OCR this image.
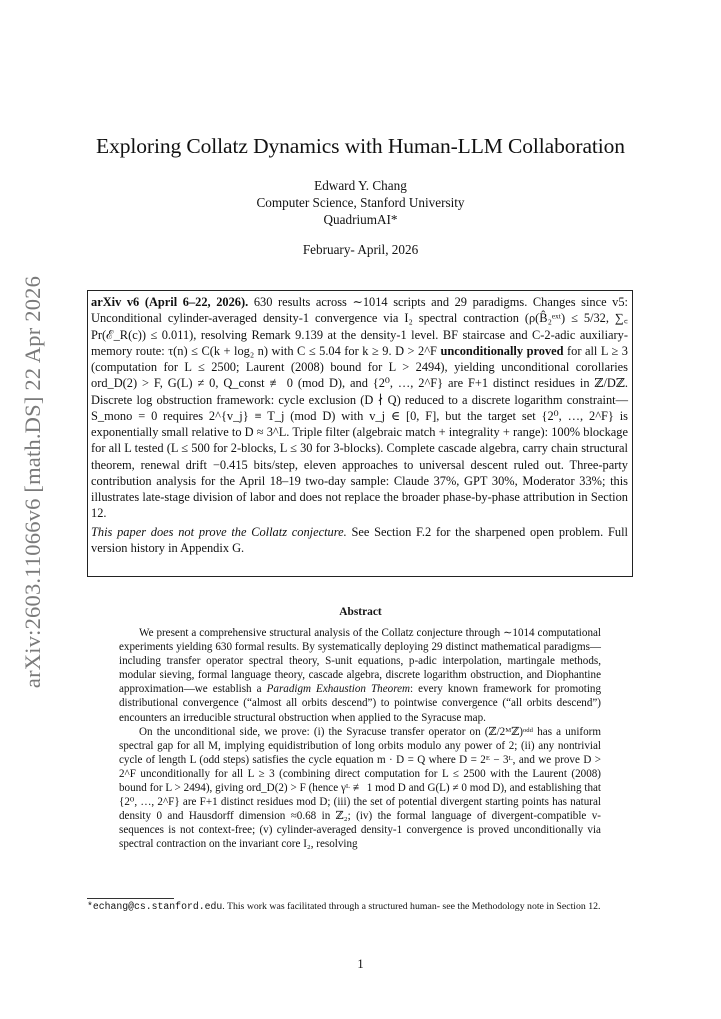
arXiv:2603.11066v6 [math.DS] 22 Apr 2026
Exploring Collatz Dynamics with Human-LLM Collaboration
Edward Y. Chang
Computer Science, Stanford University
QuadriumAI*
February- April, 2026

arXiv v6 (April 6–22, 2026). 630 results across ∼1014 scripts and 29 paradigms. Changes since v5: Unconditional cylinder-averaged density-1 convergence via I₂ spectral contraction (ρ(B̂₂ᵉˣᵗ) ≤ 5/32, ∑꜀ Pr(ℰ_R(c)) ≤ 0.011), resolving Remark 9.139 at the density-1 level. BF staircase and C-2-adic auxiliary-memory route: τ(n) ≤ C(k + log₂ n) with C ≤ 5.04 for k ≥ 9. D > 2^F unconditionally proved for all L ≥ 3 (computation for L ≤ 2500; Laurent (2008) bound for L > 2494), yielding unconditional corollaries ord_D(2) > F, G(L) ≠ 0, Q_const ≢ 0 (mod D), and {2⁰, …, 2^F} are F+1 distinct residues in ℤ/Dℤ. Discrete log obstruction framework: cycle exclusion (D ∤ Q) reduced to a discrete logarithm constraint—S_mono = 0 requires 2^{v_j} ≡ T_j (mod D) with v_j ∈ [0, F], but the target set {2⁰, …, 2^F} is exponentially small relative to D ≈ 3^L. Triple filter (algebraic match + integrality + range): 100% blockage for all L tested (L ≤ 500 for 2-blocks, L ≤ 30 for 3-blocks). Complete cascade algebra, carry chain structural theorem, renewal drift −0.415 bits/step, eleven approaches to universal descent ruled out. Three-party contribution analysis for the April 18–19 two-day sample: Claude 37%, GPT 30%, Moderator 33%; this illustrates late-stage division of labor and does not replace the broader phase-by-phase attribution in Section 12.

This paper does not prove the Collatz conjecture. See Section F.2 for the sharpened open problem. Full version history in Appendix G.

Abstract

We present a comprehensive structural analysis of the Collatz conjecture through ∼1014 computational experiments yielding 630 formal results. By systematically deploying 29 distinct mathematical paradigms—including transfer operator spectral theory, S-unit equations, p-adic interpolation, martingale methods, modular sieving, formal language theory, cascade algebra, discrete logarithm obstruction, and Diophantine approximation—we establish a Paradigm Exhaustion Theorem: every known framework for promoting distributional convergence (“almost all orbits descend”) to pointwise convergence (“all orbits descend”) encounters an irreducible structural obstruction when applied to the Syracuse map.

On the unconditional side, we prove: (i) the Syracuse transfer operator on (ℤ/2ᴹℤ)ᵒᵈᵈ has a uniform spectral gap for all M, implying equidistribution of long orbits modulo any power of 2; (ii) any nontrivial cycle of length L (odd steps) satisfies the cycle equation m · D = Q where D = 2ᴱ − 3ᴸ, and we prove D > 2^F unconditionally for all L ≥ 3 (combining direct computation for L ≤ 2500 with the Laurent (2008) bound for L > 2494), giving ord_D(2) > F (hence γᴸ ≢ 1 mod D and G(L) ≠ 0 mod D), and establishing that {2⁰, …, 2^F} are F+1 distinct residues mod D; (iii) the set of potential divergent starting points has natural density 0 and Hausdorff dimension ≈0.68 in ℤ₂; (iv) the formal language of divergent-compatible v-sequences is not context-free; (v) cylinder-averaged density-1 convergence is proved unconditionally via spectral contraction on the invariant core I₂, resolving

*echang@cs.stanford.edu. This work was facilitated through a structured human- see the Methodology note in Section 12.
1
